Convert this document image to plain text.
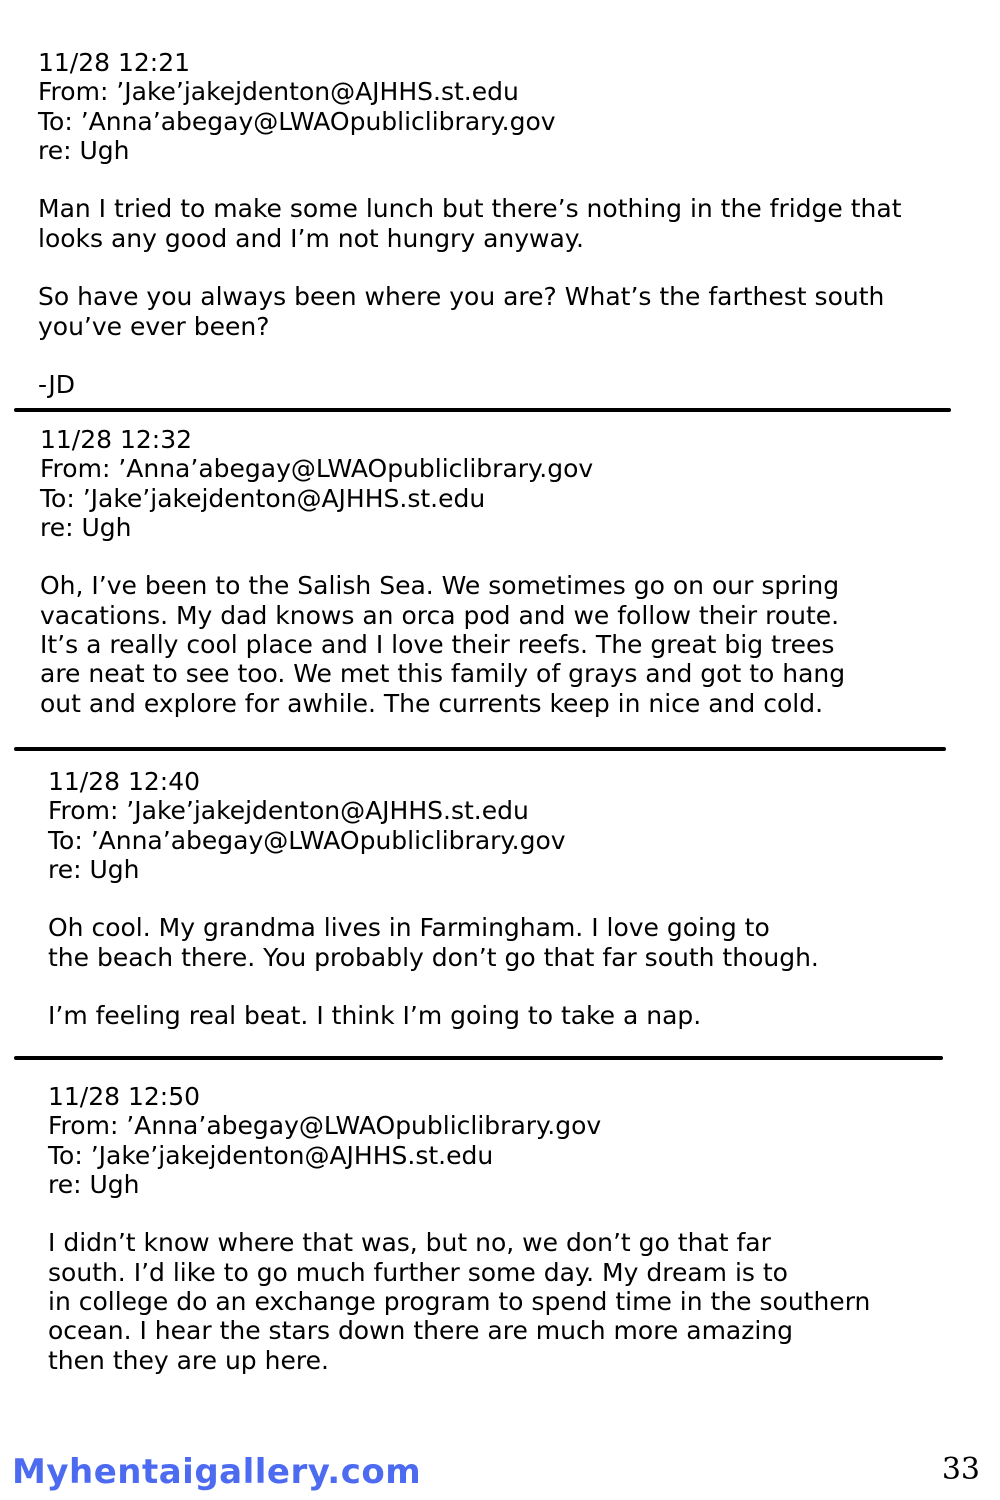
11/28 12:21
From: ’Jake’jakejdenton@AJHHS.st.edu
To: ’Anna’abegay@LWAOpubliclibrary.gov
re: Ugh
Man I tried to make some lunch but there’s nothing in the fridge that
looks any good and I’m not hungry anyway.
So have you always been where you are? What’s the farthest south
you’ve ever been?
-JD
11/28 12:32
From: ’Anna’abegay@LWAOpubliclibrary.gov
To: ’Jake’jakejdenton@AJHHS.st.edu
re: Ugh
Oh, I’ve been to the Salish Sea. We sometimes go on our spring
vacations. My dad knows an orca pod and we follow their route.
It’s a really cool place and I love their reefs. The great big trees
are neat to see too. We met this family of grays and got to hang
out and explore for awhile. The currents keep in nice and cold.
11/28 12:40
From: ’Jake’jakejdenton@AJHHS.st.edu
To: ’Anna’abegay@LWAOpubliclibrary.gov
re: Ugh
Oh cool. My grandma lives in Farmingham. I love going to
the beach there. You probably don’t go that far south though.
I’m feeling real beat. I think I’m going to take a nap.
11/28 12:50
From: ’Anna’abegay@LWAOpubliclibrary.gov
To: ’Jake’jakejdenton@AJHHS.st.edu
re: Ugh
I didn’t know where that was, but no, we don’t go that far
south. I’d like to go much further some day. My dream is to
in college do an exchange program to spend time in the southern
ocean. I hear the stars down there are much more amazing
then they are up here.
Myhentaigallery.com	33
